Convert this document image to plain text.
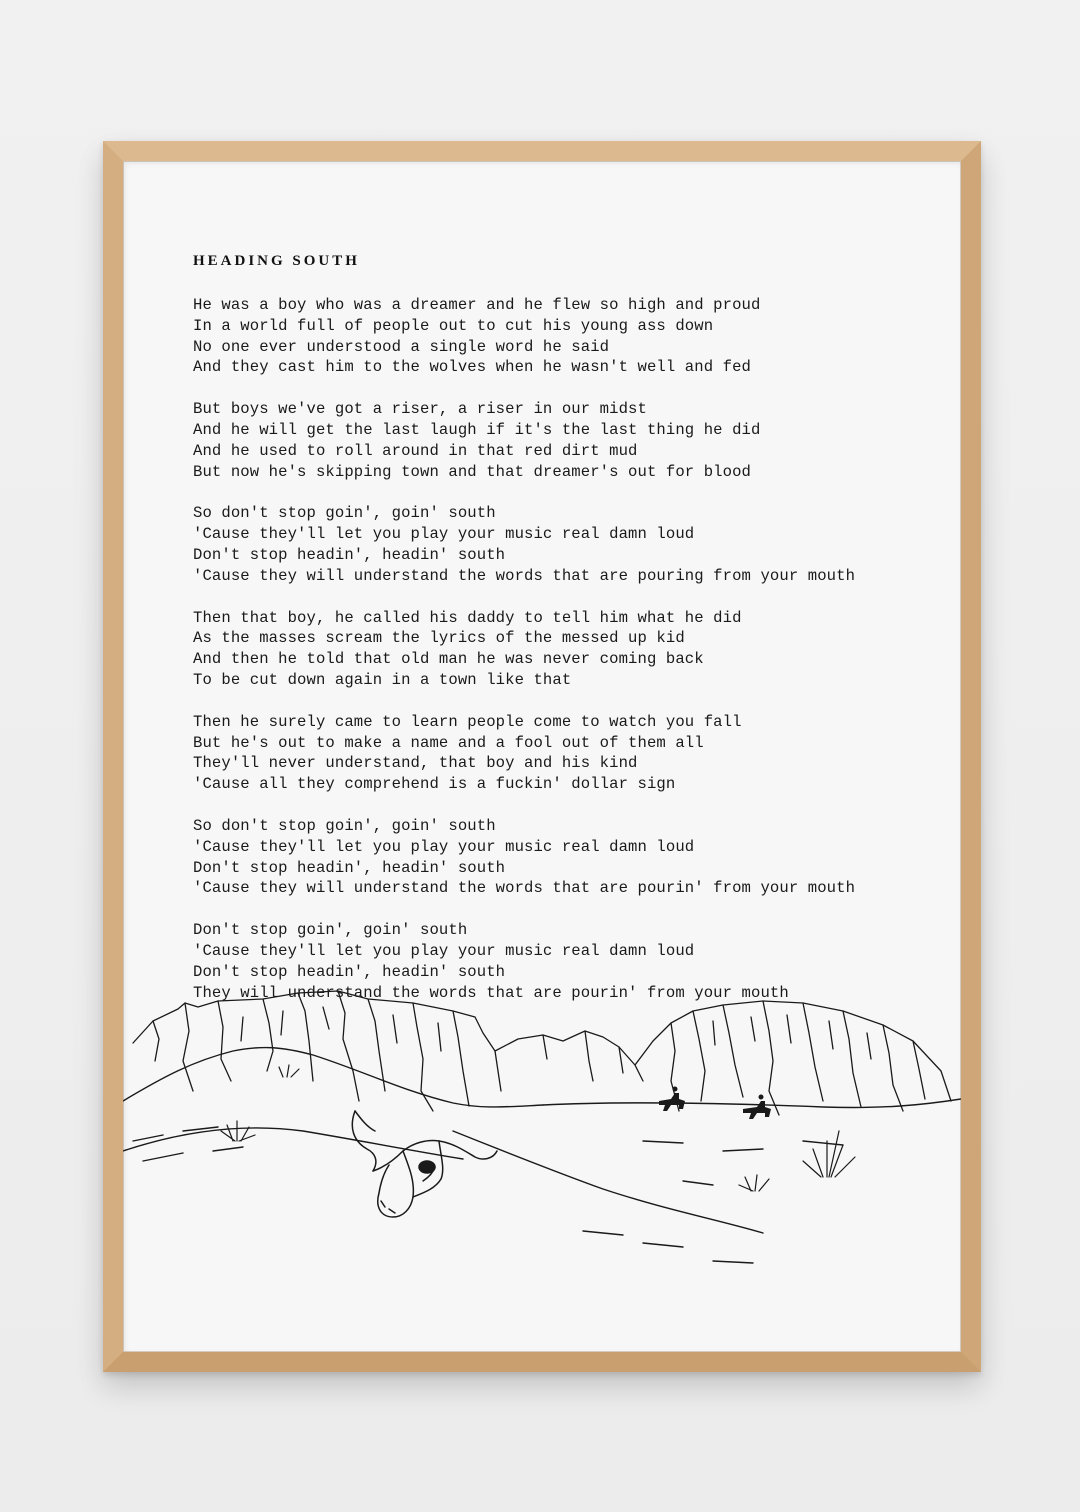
HEADING SOUTH
He was a boy who was a dreamer and he flew so high and proud
In a world full of people out to cut his young ass down
No one ever understood a single word he said
And they cast him to the wolves when he wasn't well and fed
But boys we've got a riser, a riser in our midst
And he will get the last laugh if it's the last thing he did
And he used to roll around in that red dirt mud
But now he's skipping town and that dreamer's out for blood
So don't stop goin', goin' south
'Cause they'll let you play your music real damn loud
Don't stop headin', headin' south
'Cause they will understand the words that are pouring from your mouth
Then that boy, he called his daddy to tell him what he did
As the masses scream the lyrics of the messed up kid
And then he told that old man he was never coming back
To be cut down again in a town like that
Then he surely came to learn people come to watch you fall
But he's out to make a name and a fool out of them all
They'll never understand, that boy and his kind
'Cause all they comprehend is a fuckin' dollar sign
So don't stop goin', goin' south
'Cause they'll let you play your music real damn loud
Don't stop headin', headin' south
'Cause they will understand the words that are pourin' from your mouth
Don't stop goin', goin' south
'Cause they'll let you play your music real damn loud
Don't stop headin', headin' south
They will understand the words that are pourin' from your mouth
